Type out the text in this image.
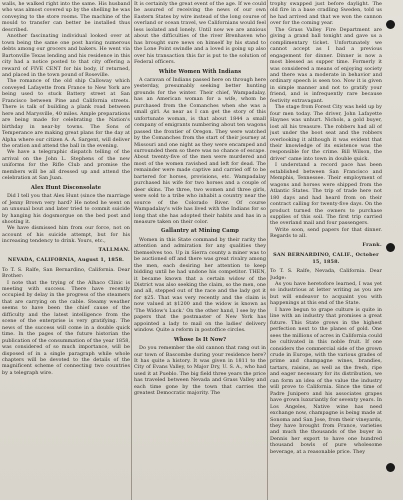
walls, he walked right into the same. His husband who was almost covered up by the shelling he was conveying to the store rooms. The machine of the mould to transfer can better be installed thus described.

Another fascinating individual looked over at town being the same one post having numerous debts among our grocers and bakers. He went via Bartonville Texas lending and his residence in this city had a notice posted to that city offering a reward of FIVE CENT for his body, if returned, and placed in the town pound of Roseville.

The romance of the old ship Calloway which conveyed Lafayette from France to New York are being used to stuck Battery street at San Francisco between Pine and California streets. There is talk of building a plank road between here and Marysville, 40 miles. Ample preparations are being made for celebrating the Nation's birthday in near-by towns. The Sons of Temperance are making great plans for the day at Alpha where our citizen A. A. Sargent, will deliver the oration and attend the ball in the evening.

We have a telegraphic dispatch telling of the arrival on the John L. Stephens of the new uniforms for the Rifle Club and promise the members will be all dressed up and attend the celebration at San Juan.

Alex Hunt Disconsolate

Did I tell you that Alex Hunt (since the marriage of Jenny Brown very hard? He noted he went on an unusual bout and later tried to commit suicide by hanging his dogsmorgue on the bed post and shooting it.

We have dismissed him from our force, not on account of his suicide attempt, but for his increasing tendency to drink. Yours, etc.,

TALLMAN.

NEVADA, CALIFORNIA, August 1, 1858.

To T. S. Ralfe, San Bernardino, California. Dear Brother:

I note that the trying of the Alhaco Clinic is meeting with success. There have recently occupied by delay in the progress of the steamers that are carrying on the cable. Steamy weather seems to have been the chief cause of the difficulty and the latest intelligence from the scene of the enterprise is very gratifying. The news of the success will come in a double quick time. In the pages of the future historian the publication of the consummation of the year 1858, was considered of so much importance, will be disposed of in a single paragraph while whole chapters will be devoted to the details of the magnificent scheme of connecting two countries by a telegraph wire.

It is certainly the great event of the age. If we could be assured of receiving the news of our own Eastern States by wire instead of the long course of overland or ocean travel, we Californians would feel less isolated and lonely. Until now we are anxious about the difficulties of the river Brenhaven who has brought sure news on himself by his stand to the Lone Point swindle and a loved is going up also over his transaction this far is put to the solution of Federal officers.

White Women With Indians

A caravan of Indians passed here on through here yesterday, presumably seeking better hunting grounds for the winter. Their chief, Wampadalay, has an American woman for a wife, whom he purchased from the Comanches when she was a small girl. As near as I can get the story of this unfortunate woman, is that about 1844 a small company of emigrants numbering about ten wagons passed the frontier of Oregon. They were watched by the Comanches from the start of their journey at Missouri and one night as they were encamped and surrounded them so there was no chance of escape. About twenty-five of the men were murdered and most of the women ravished and left for dead. The remainder were made captive and carried off to be bartered for horses, provisions, etc. Wampadalay purchased his wife for two horses and a couple of deer skins. The three, two women and three girls, were sold to a tribe who inhabit a country near the source of the Colorado River. Of course Wampadalay's wife has lived with the Indians for so long that she has adopted their habits and has in a measure taken on their color.

Gallantry at Mining Camp

Women in this State command by their rarity the attention and admiration for any qualities they themselves too. Up in Sierra county a miner was to be auctioned off and there was great rivalry among the men, each desiring her attention to keep bidding until he had undone his competitor. THEN, it became known that a certain widow of the District was also seeking the claim, so the men, one and all, stepped out of the race and the lady got it for $25. That was very recently and the claim is now valued at $1200 and the widow is known as 'The Widow's Luck.' On the other hand, I see by the papers that the postmaster of New York has appointed a lady to mail on the ladies' delivery window. Quite a reform in postoffice circles.

Whose Is It Now?

Do you remember the old cannon that rang out in our town of Bascombe during your residence here? It has quite a history. It was given in 1811 to the City of Evans Valley, to Major Dry, U. S. A., who had used it at Pueblo. The big field three years the price has traveled between Nevada and Grass Valley and each time gone by the town that carries the greatest Democratic majority. The

trophy swapped just before daylight. The old fire in a base cradling Sweden, told us he had arrived and that we won the cannon over for the coming year.

The Grass Valley Fire Department are giving a grand ball tonight and gave us a complimentary ticket. Unfortunately we cannot accept as I had a previous engagement for dinner. Dinner is now a most blessed as supper time. Formerly it was considered a means of enjoying society and there was a moderate in behavior and ordinary speech is seen too. Now it is given in simple manner and not to gratify your friend, and is infrequently rare because festivity extravagant.

The stage from Forest City was held up by four men today. The driver, John Lafayette Haynes was unhurt. Nichols, a gold buyer, lost all his treasure. The robbers had all of just under the boot seat and the robbers overlooking it although it was evident that their knowledge of its existence was the responsible for the crime. Bill Wilson, the driver' came into town in double quick.

I understand a record pace has been established between San Francisco and Memphis, Tennessee. Their employment of wagons and horses were shipped from the Atlantic States. The trip of trade here not 180 days and had heard from on their contract calling for twenty-five days. On the product turned the owners to purchase supplies of this soil. The first trip carried the overland mail and four passengers.

Write soon, send papers for that dinner. Regards to all.

Frank.

SAN BERNARDINO, CALIF., October 15, 1858.

To T. S. Ralfe, Nevada, California. Dear Judge:

As you have heretofore learned, I was yet so industrious at letter writing as you are but will endeavor to acquaint you with happenings at this end of the State.

I have begun to grape culture is quite in line with an industry that promises a great future. This State grows in the highest perfection next to the planes of gold. One sees the millions of acres in California could be cultivated in this noble fruit. If one considers the commercial side of the grown crude in Europe, with the various grades of prime and champagne wines, brandies, tartars, raisins, as well as the fresh, ripe and eager necessary for its distribution, we can form an idea of the value the industry will prove to California. Since the time of Padre Junipero and his associates grapes have grown luxuriantly for seventy years. In Los Angeles, Native wine has need exchange now, champagne is being made at Sonoma and San Jose, from their vineyards, they have brought from France, varieties and much the thousands of the buyer in Dennis her export to have one hundred thousand bowls of pure wholesome beverage, at a reasonable price. They
